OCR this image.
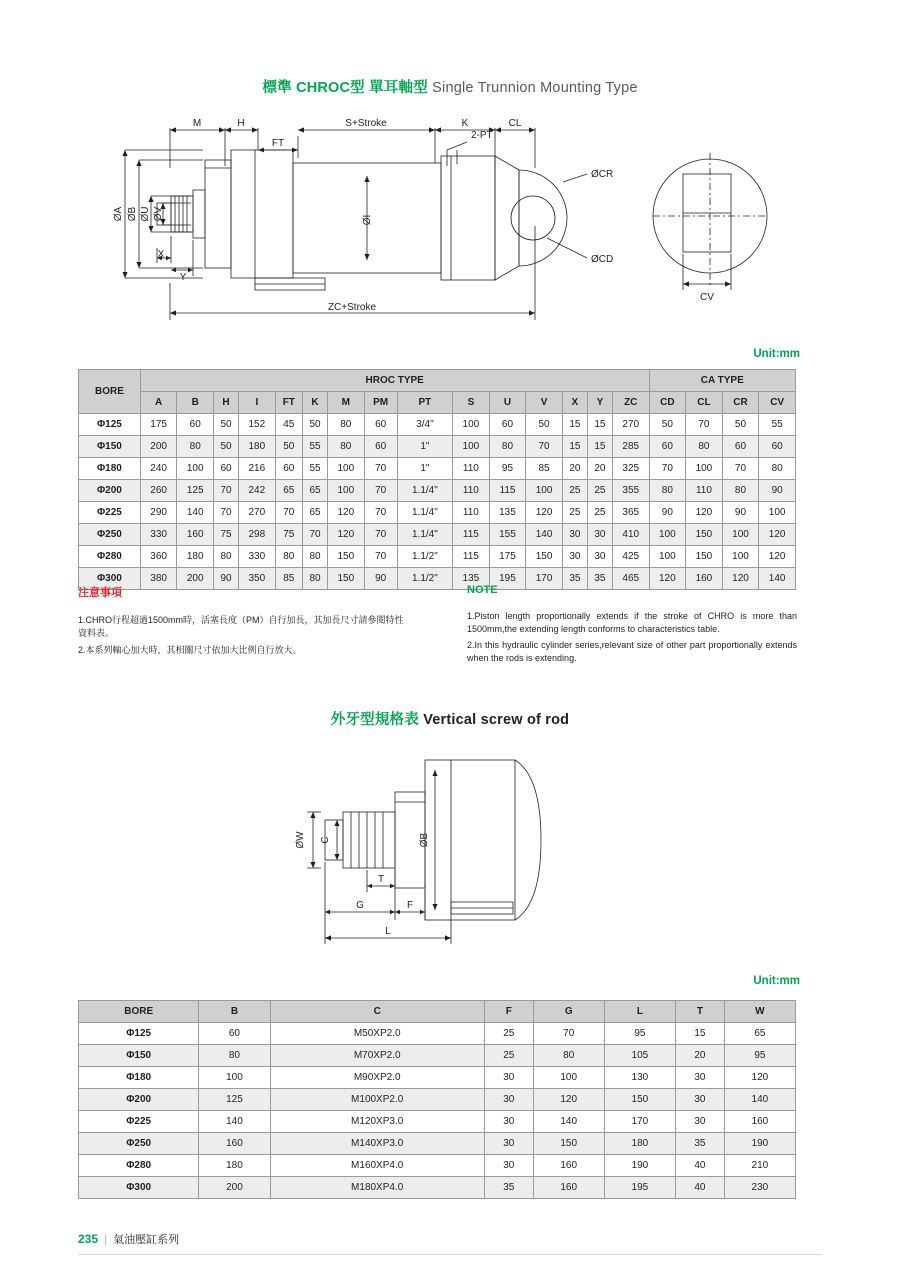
標準 CHROC型 單耳軸型 Single Trunnion Mounting Type
M	H
FT
S+Stroke	K	CL
2-PT
ØCR
ØCD
ØI
ØA ØB ØU ØV
X
Y
ZC+Stroke
CV
Unit:mm
BORE	HROC TYPE															CA TYPE			
	A	B	H	I	FT	K	M	PM	PT	S	U	V	X	Y	ZC	CD	CL	CR	CV
Φ125	175	60	50	152	45	50	80	60	3/4"	100	60	50	15	15	270	50	70	50	55
Φ150	200	80	50	180	50	55	80	60	1"	100	80	70	15	15	285	60	80	60	60
Φ180	240	100	60	216	60	55	100	70	1"	110	95	85	20	20	325	70	100	70	80
Φ200	260	125	70	242	65	65	100	70	1.1/4"	110	115	100	25	25	355	80	110	80	90
Φ225	290	140	70	270	70	65	120	70	1.1/4"	110	135	120	25	25	365	90	120	90	100
Φ250	330	160	75	298	75	70	120	70	1.1/4"	115	155	140	30	30	410	100	150	100	120
Φ280	360	180	80	330	80	80	150	70	1.1/2"	115	175	150	30	30	425	100	150	100	120
Φ300	380	200	90	350	85	80	150	90	1.1/2"	135	195	170	35	35	465	120	160	120	140
注意事項
1.CHRO行程超過1500mm時，活塞長度（PM）自行加長，其加長尺寸請參閱特性資料表。
2.本系列軸心加大時，其相關尺寸依加大比例自行放大。
NOTE
1.Piston length proportionally extends if the stroke of CHRO is more than 1500mm,the extending length conforms to characteristics table.
2.In this hydraulic cylinder series,relevant size of other part proportionally extends when the rods is extending.
外牙型規格表 Vertical screw of rod
ØW C	ØB
T
G	F
L
Unit:mm
BORE	B	C	F	G	L	T	W
Φ125	60	M50XP2.0	25	70	95	15	65
Φ150	80	M70XP2.0	25	80	105	20	95
Φ180	100	M90XP2.0	30	100	130	30	120
Φ200	125	M100XP2.0	30	120	150	30	140
Φ225	140	M120XP3.0	30	140	170	30	160
Φ250	160	M140XP3.0	30	150	180	35	190
Φ280	180	M160XP4.0	30	160	190	40	210
Φ300	200	M180XP4.0	35	160	195	40	230
235 | 氣油壓缸系列
